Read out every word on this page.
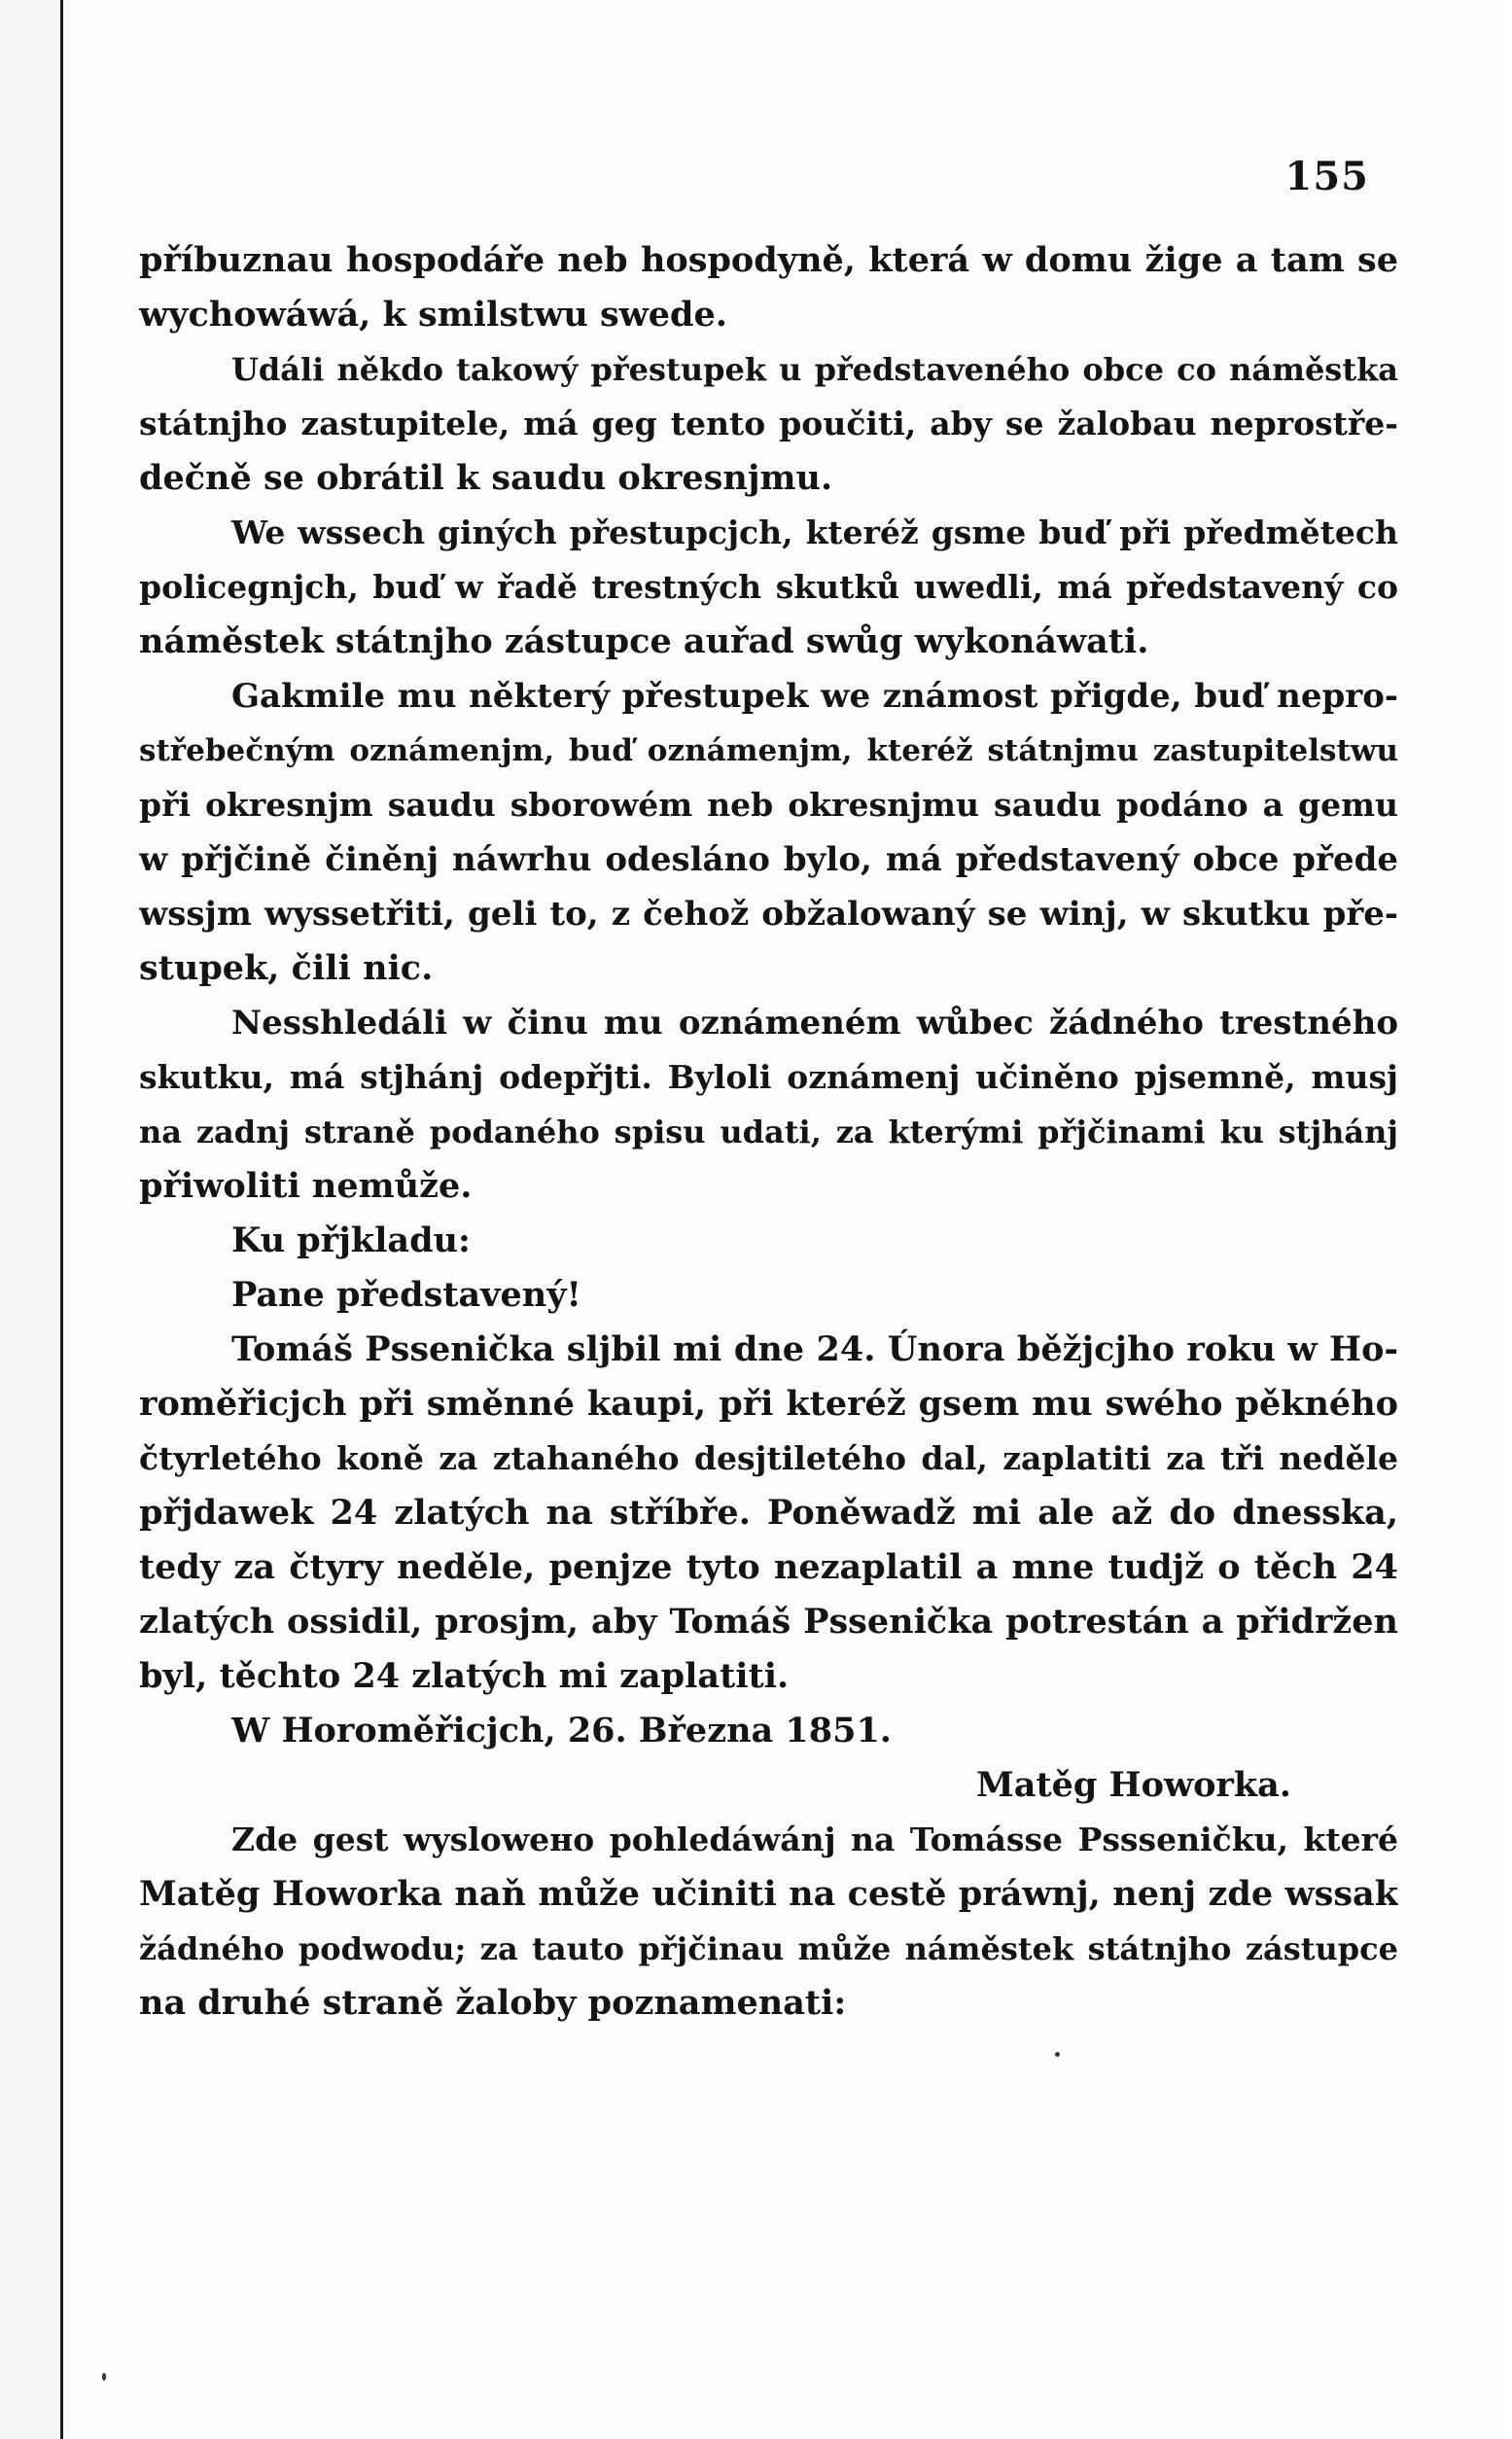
155
příbuznau hospodáře neb hospodyně, která w domu žige a tam se
wychowáwá, k smilstwu swede.
Událi někdo takowý přestupek u představeného obce co náměstka
státnjho zastupitele, má geg tento poučiti, aby se žalobau neprostře-
dečně se obrátil k saudu okresnjmu.
We wssech giných přestupcjch, kteréž gsme buď při předmětech
policegnjch, buď w řadě trestných skutků uwedli, má představený co
náměstek státnjho zástupce auřad swůg wykonáwati.
Gakmile mu některý přestupek we známost přigde, buď nepro-
střebečným oznámenjm, buď oznámenjm, kteréž státnjmu zastupitelstwu
při okresnjm saudu sborowém neb okresnjmu saudu podáno a gemu
w přjčině činěnj náwrhu odesláno bylo, má představený obce předе
wssjm wyssetřiti, geli to, z čehož obžalowaný se winj, w skutku pře-
stupek, čili nic.
Nesshledáli w činu mu oznámeném wůbec žádného trestného
skutku, má stjhánj odepřjti. Byloli oznámenj učiněno pjsemně, musj
na zadnj straně podaného spisu udati, za kterými přjčinami ku stjhánj
přiwoliti nemůže.
Ku přjkladu:
Pane představený!
Tomáš Pssenička sljbil mi dne 24. Února běžjcjho roku w Ho-
roměřicjch při směnné kaupi, při kteréž gsem mu swého pěkného
čtyrletého koně za ztahaného desjtiletého dal, zaplatiti za tři neděle
přjdawek 24 zlatých na stříbře. Poněwadž mi ale až do dnesska,
tedy za čtyry neděle, penjze tyto nezaplatil a mne tudjž o těch 24
zlatých ossidil, prosjm, aby Tomáš Pssenička potrestán a přidržen
byl, těchto 24 zlatých mi zaplatiti.
W Horoměřicjch, 26. Března 1851.
Matěg Howorka.
Zde gest wyslowено pohledáwánj na Tomásse Pssseničku, které
Matěg Howorka naň může učiniti na cestě práwnj, nenj zde wssak
žádného podwodu; za tauto přjčinau může náměstek státnjho zástupce
na druhé straně žaloby poznamenati:
